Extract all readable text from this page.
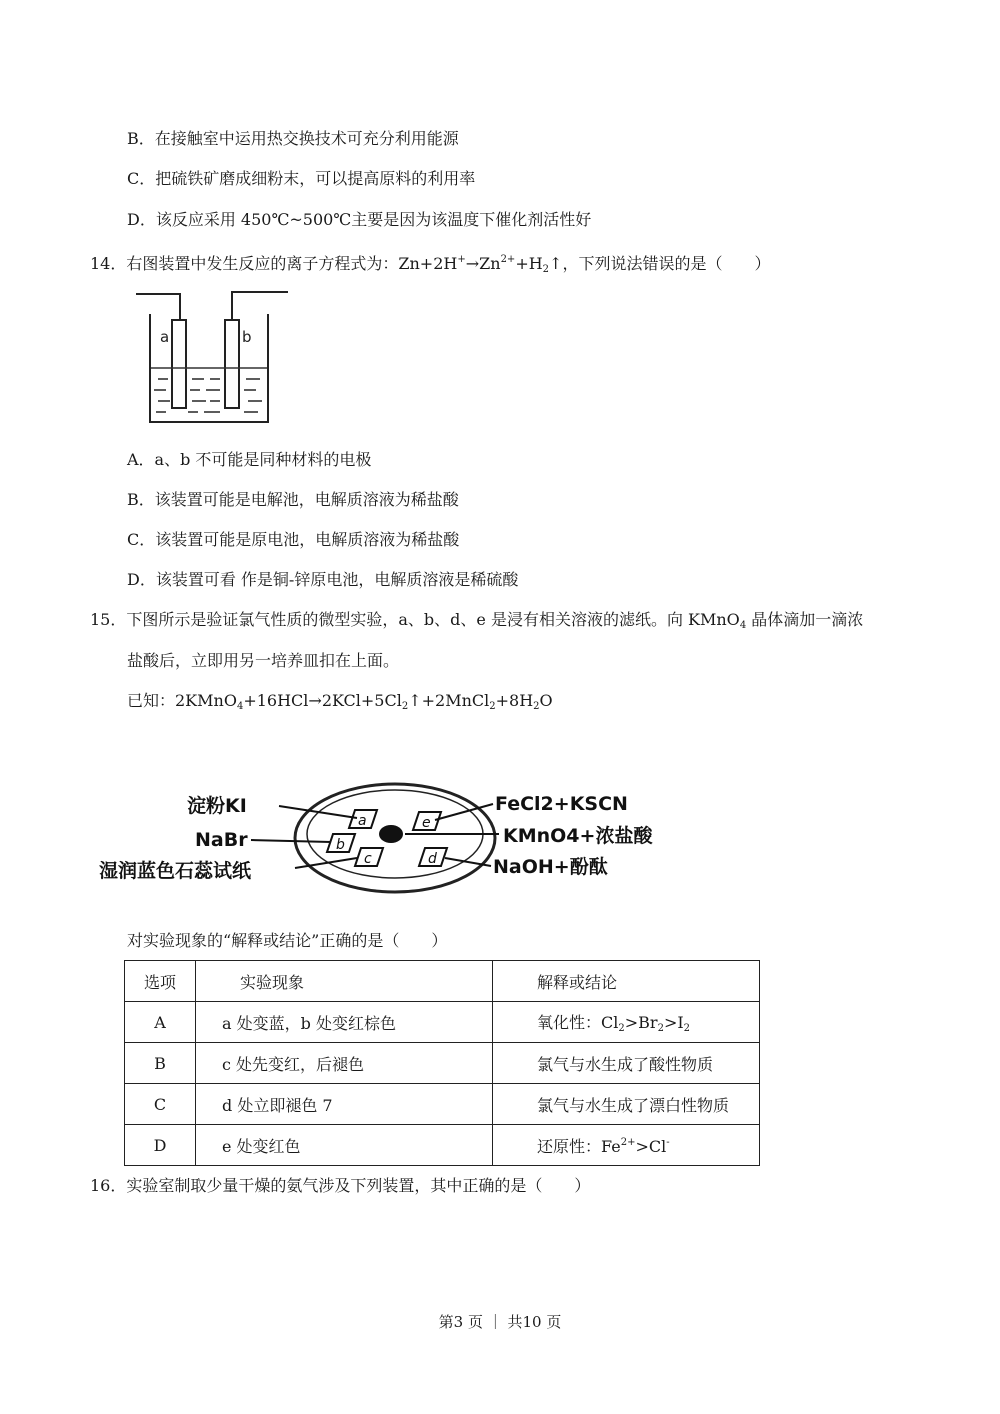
B．在接触室中运用热交换技术可充分利用能源
C．把硫铁矿磨成细粉末，可以提高原料的利用率
D．该反应采用 450℃~500℃主要是因为该温度下催化剂活性好
14．右图装置中发生反应的离子方程式为：$Zn+2H^+\to Zn^{2+}+H_2↑$，下列说法错误的是（　　）
a	b
A．a、b 不可能是同种材料的电极
B．该装置可能是电解池，电解质溶液为稀盐酸
C．该装置可能是原电池，电解质溶液为稀盐酸
D．该装置可看 作是铜-锌原电池，电解质溶液是稀硫酸
15．下图所示是验证氯气性质的微型实验，a、b、d、e 是浸有相关溶液的滤纸。向 KMnO$_4$ 晶体滴加一滴浓
盐酸后，立即用另一培养皿扣在上面。
已知：$2KMnO_4+16HCl\to 2KCl+5Cl_2↑+2MnCl_2+8H_2O$
a
b
c	d
e
淀粉KI
NaBr
湿润蓝色石蕊试纸
FeCl2+KSCN
KMnO4+浓盐酸
NaOH+酚酞
对实验现象的“解释或结论”正确的是（　　）
选项	实验现象	解释或结论
A	a 处变蓝，b 处变红棕色	氧化性：$Cl_2>Br_2>I_2$
B	c 处先变红，后褪色	氯气与水生成了酸性物质
C	d 处立即褪色 7	氯气与水生成了漂白性物质
D	e 处变红色	还原性：$Fe^{2+}>Cl^-$
16．实验室制取少量干燥的氨气涉及下列装置，其中正确的是（　　）
第3 页 ｜ 共10 页
